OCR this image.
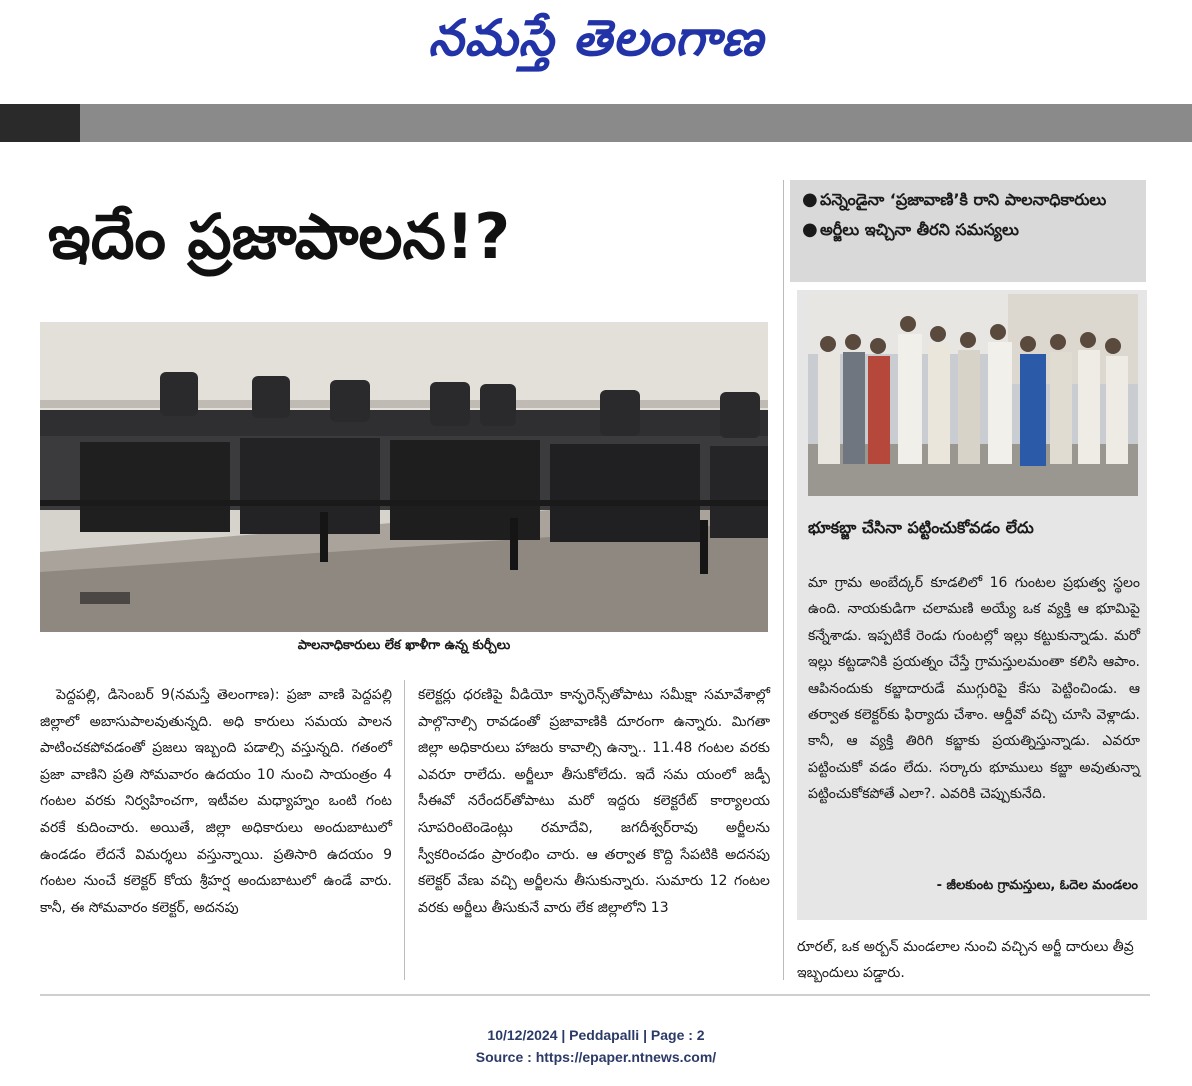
నమస్తే తెలంగాణ
ఇదేం ప్రజాపాలన!?
● పన్నెండైనా ‘ప్రజావాణి’కి రాని పాలనాధికారులు
● అర్జీలు ఇచ్చినా తీరని సమస్యలు
పాలనాధికారులు లేక ఖాళీగా ఉన్న కుర్చీలు
భూకబ్జా చేసినా పట్టించుకోవడం లేదు
మా గ్రామ అంబేద్కర్ కూడలిలో 16 గుంటల ప్రభుత్వ స్థలం ఉంది. నాయకుడిగా చలామణి అయ్యే ఒక వ్యక్తి ఆ భూమిపై కన్నేశాడు. ఇప్పటికే రెండు గుంటల్లో ఇల్లు కట్టుకున్నాడు. మరో ఇల్లు కట్టడానికి ప్రయత్నం చేస్తే గ్రామస్తులమంతా కలిసి ఆపాం. ఆపినందుకు కబ్జాదారుడే ముగ్గురిపై కేసు పెట్టించిండు. ఆ తర్వాత కలెక్టర్‌కు ఫిర్యాదు చేశాం. ఆర్డీవో వచ్చి చూసి వెళ్లాడు. కానీ, ఆ వ్యక్తి తిరిగి కబ్జాకు ప్రయత్నిస్తున్నాడు. ఎవరూ పట్టించుకో వడం లేదు. సర్కారు భూములు కబ్జా అవుతున్నా పట్టించుకోకపోతే ఎలా?. ఎవరికి చెప్పుకునేది.
- జీలకుంట గ్రామస్తులు, ఓదెల మండలం
పెద్దపల్లి, డిసెంబర్ 9(నమస్తే తెలంగాణ): ప్రజా వాణి పెద్దపల్లి జిల్లాలో అబాసుపాలవుతున్నది. అధి కారులు సమయ పాలన పాటించకపోవడంతో ప్రజలు ఇబ్బంది పడాల్సి వస్తున్నది. గతంలో ప్రజా వాణిని ప్రతి సోమవారం ఉదయం 10 నుంచి సాయంత్రం 4 గంటల వరకు నిర్వహించగా, ఇటీవల మధ్యాహ్నం ఒంటి గంట వరకే కుదించారు. అయితే, జిల్లా అధికారులు అందుబాటులో ఉండడం లేదనే విమర్శలు వస్తున్నాయి. ప్రతిసారి ఉదయం 9 గంటల నుంచే కలెక్టర్ కోయ శ్రీహర్ష అందుబాటులో ఉండే వారు. కానీ, ఈ సోమవారం కలెక్టర్, అదనపు
కలెక్టర్లు ధరణిపై వీడియో కాన్ఫరెన్స్‌తోపాటు సమీక్షా సమావేశాల్లో పాల్గొనాల్సి రావడంతో ప్రజావాణికి దూరంగా ఉన్నారు. మిగతా జిల్లా అధికారులు హాజరు కావాల్సి ఉన్నా.. 11.48 గంటల వరకు ఎవరూ రాలేదు. అర్జీలూ తీసుకోలేదు. ఇదే సమ యంలో జడ్పీ సీఈవో నరేందర్‌తోపాటు మరో ఇద్దరు కలెక్టరేట్ కార్యాలయ సూపరింటెండెంట్లు రమాదేవి, జగదీశ్వర్‌రావు అర్జీలను స్వీకరించడం ప్రారంభిం చారు. ఆ తర్వాత కొద్ది సేపటికి అదనపు కలెక్టర్ వేణు వచ్చి అర్జీలను తీసుకున్నారు. సుమారు 12 గంటల వరకు అర్జీలు తీసుకునే వారు లేక జిల్లాలోని 13
రూరల్, ఒక అర్బన్ మండలాల నుంచి వచ్చిన అర్జీ దారులు తీవ్ర ఇబ్బందులు పడ్డారు.
10/12/2024 | Peddapalli | Page : 2
Source : https://epaper.ntnews.com/
